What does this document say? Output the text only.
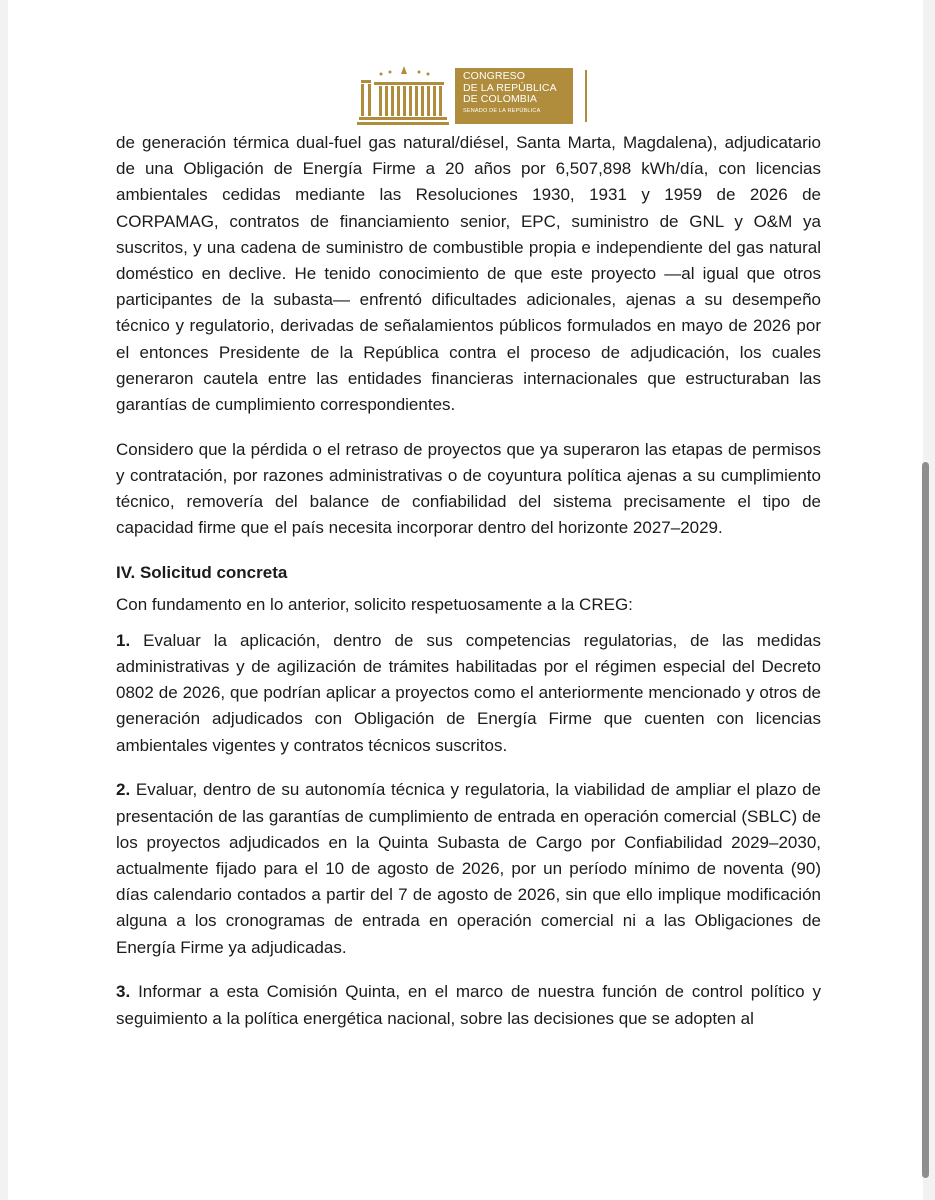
CONGRESO
DE LA REPÚBLICA
DE COLOMBIA
SENADO DE LA REPÚBLICA

de generación térmica dual-fuel gas natural/diésel, Santa Marta, Magdalena), adjudicatario de una Obligación de Energía Firme a 20 años por 6,507,898 kWh/día, con licencias ambientales cedidas mediante las Resoluciones 1930, 1931 y 1959 de 2026 de CORPAMAG, contratos de financiamiento senior, EPC, suministro de GNL y O&M ya suscritos, y una cadena de suministro de combustible propia e independiente del gas natural doméstico en declive. He tenido conocimiento de que este proyecto —al igual que otros participantes de la subasta— enfrentó dificultades adicionales, ajenas a su desempeño técnico y regulatorio, derivadas de señalamientos públicos formulados en mayo de 2026 por el entonces Presidente de la República contra el proceso de adjudicación, los cuales generaron cautela entre las entidades financieras internacionales que estructuraban las garantías de cumplimiento correspondientes.

Considero que la pérdida o el retraso de proyectos que ya superaron las etapas de permisos y contratación, por razones administrativas o de coyuntura política ajenas a su cumplimiento técnico, removería del balance de confiabilidad del sistema precisamente el tipo de capacidad firme que el país necesita incorporar dentro del horizonte 2027–2029.

IV. Solicitud concreta

Con fundamento en lo anterior, solicito respetuosamente a la CREG:

1. Evaluar la aplicación, dentro de sus competencias regulatorias, de las medidas administrativas y de agilización de trámites habilitadas por el régimen especial del Decreto 0802 de 2026, que podrían aplicar a proyectos como el anteriormente mencionado y otros de generación adjudicados con Obligación de Energía Firme que cuenten con licencias ambientales vigentes y contratos técnicos suscritos.

2. Evaluar, dentro de su autonomía técnica y regulatoria, la viabilidad de ampliar el plazo de presentación de las garantías de cumplimiento de entrada en operación comercial (SBLC) de los proyectos adjudicados en la Quinta Subasta de Cargo por Confiabilidad 2029–2030, actualmente fijado para el 10 de agosto de 2026, por un período mínimo de noventa (90) días calendario contados a partir del 7 de agosto de 2026, sin que ello implique modificación alguna a los cronogramas de entrada en operación comercial ni a las Obligaciones de Energía Firme ya adjudicadas.

3. Informar a esta Comisión Quinta, en el marco de nuestra función de control político y seguimiento a la política energética nacional, sobre las decisiones que se adopten al
